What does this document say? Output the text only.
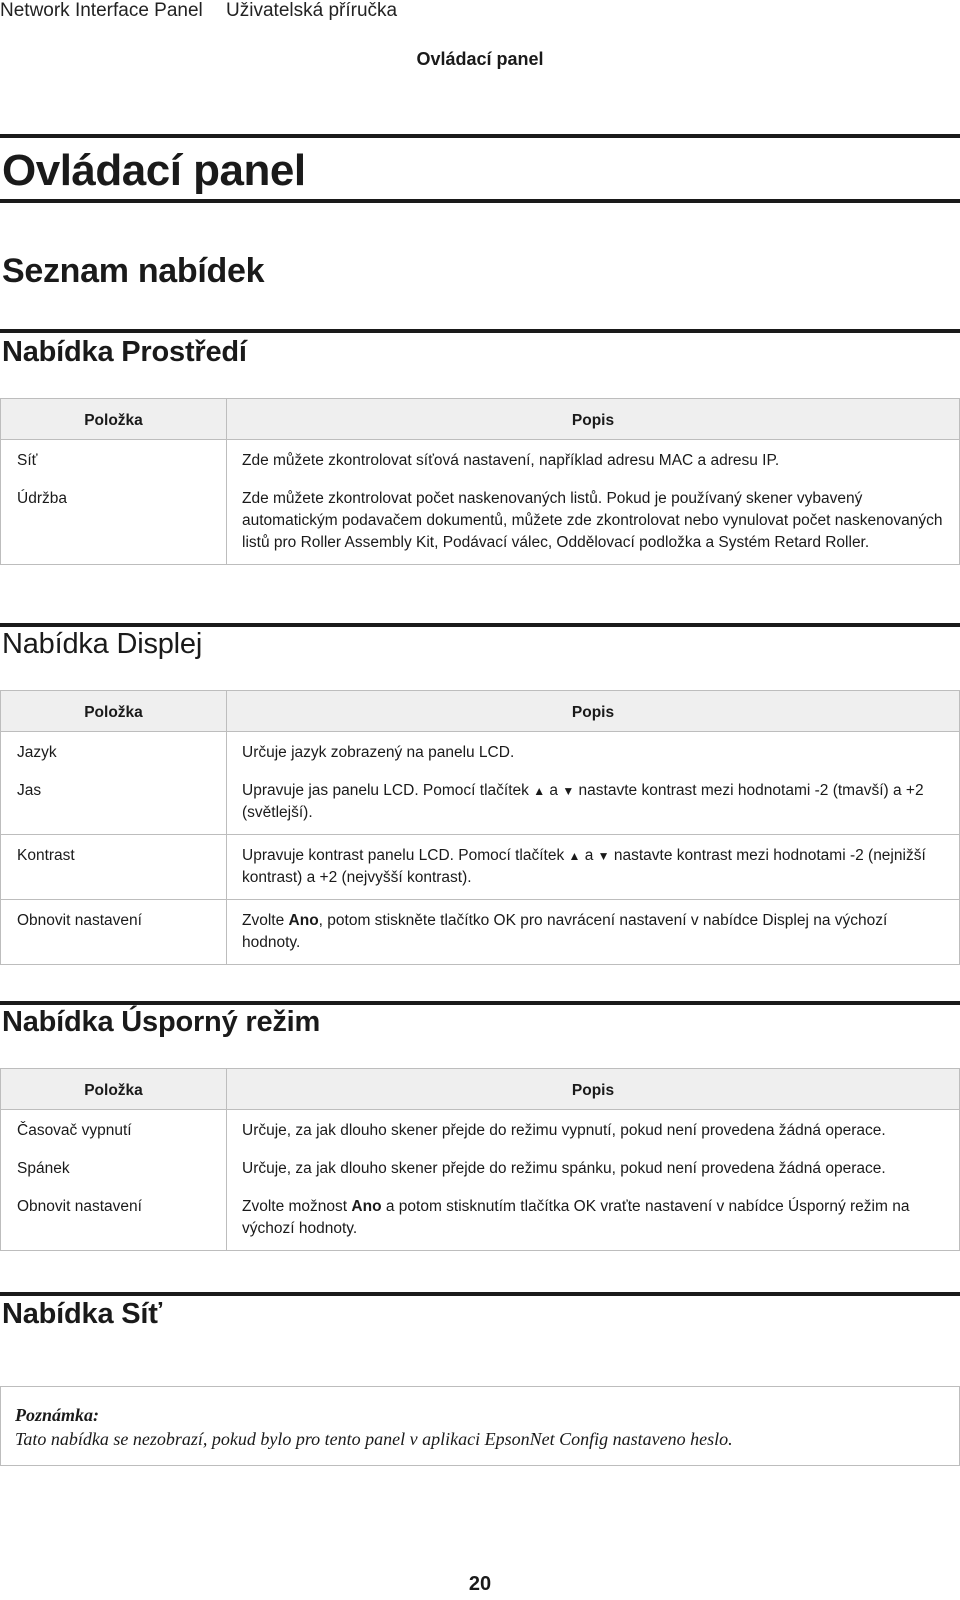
Network Interface Panel Uživatelská příručka
Ovládací panel
Ovládací panel
Seznam nabídek
Nabídka Prostředí
Položka	Popis
Síť	Zde můžete zkontrolovat síťová nastavení, například adresu MAC a adresu IP.
Údržba	Zde můžete zkontrolovat počet naskenovaných listů. Pokud je používaný skener vybavený automatickým podavačem dokumentů, můžete zde zkontrolovat nebo vynulovat počet naskenovaných listů pro Roller Assembly Kit, Podávací válec, Oddělovací podložka a Systém Retard Roller.
Nabídka Displej
Položka	Popis
Jazyk	Určuje jazyk zobrazený na panelu LCD.
Jas	Upravuje jas panelu LCD. Pomocí tlačítek ▲ a ▼ nastavte kontrast mezi hodnotami -2 (tmavší) a +2 (světlejší).
Kontrast	Upravuje kontrast panelu LCD. Pomocí tlačítek ▲ a ▼ nastavte kontrast mezi hodnotami -2 (nejnižší kontrast) a +2 (nejvyšší kontrast).
Obnovit nastavení	Zvolte Ano, potom stiskněte tlačítko OK pro navrácení nastavení v nabídce Displej na výchozí hodnoty.
Nabídka Úsporný režim
Položka	Popis
Časovač vypnutí	Určuje, za jak dlouho skener přejde do režimu vypnutí, pokud není provedena žádná operace.
Spánek	Určuje, za jak dlouho skener přejde do režimu spánku, pokud není provedena žádná operace.
Obnovit nastavení	Zvolte možnost Ano a potom stisknutím tlačítka OK vraťte nastavení v nabídce Úsporný režim na výchozí hodnoty.
Nabídka Síť
Poznámka:
Tato nabídka se nezobrazí, pokud bylo pro tento panel v aplikaci EpsonNet Config nastaveno heslo.
20
